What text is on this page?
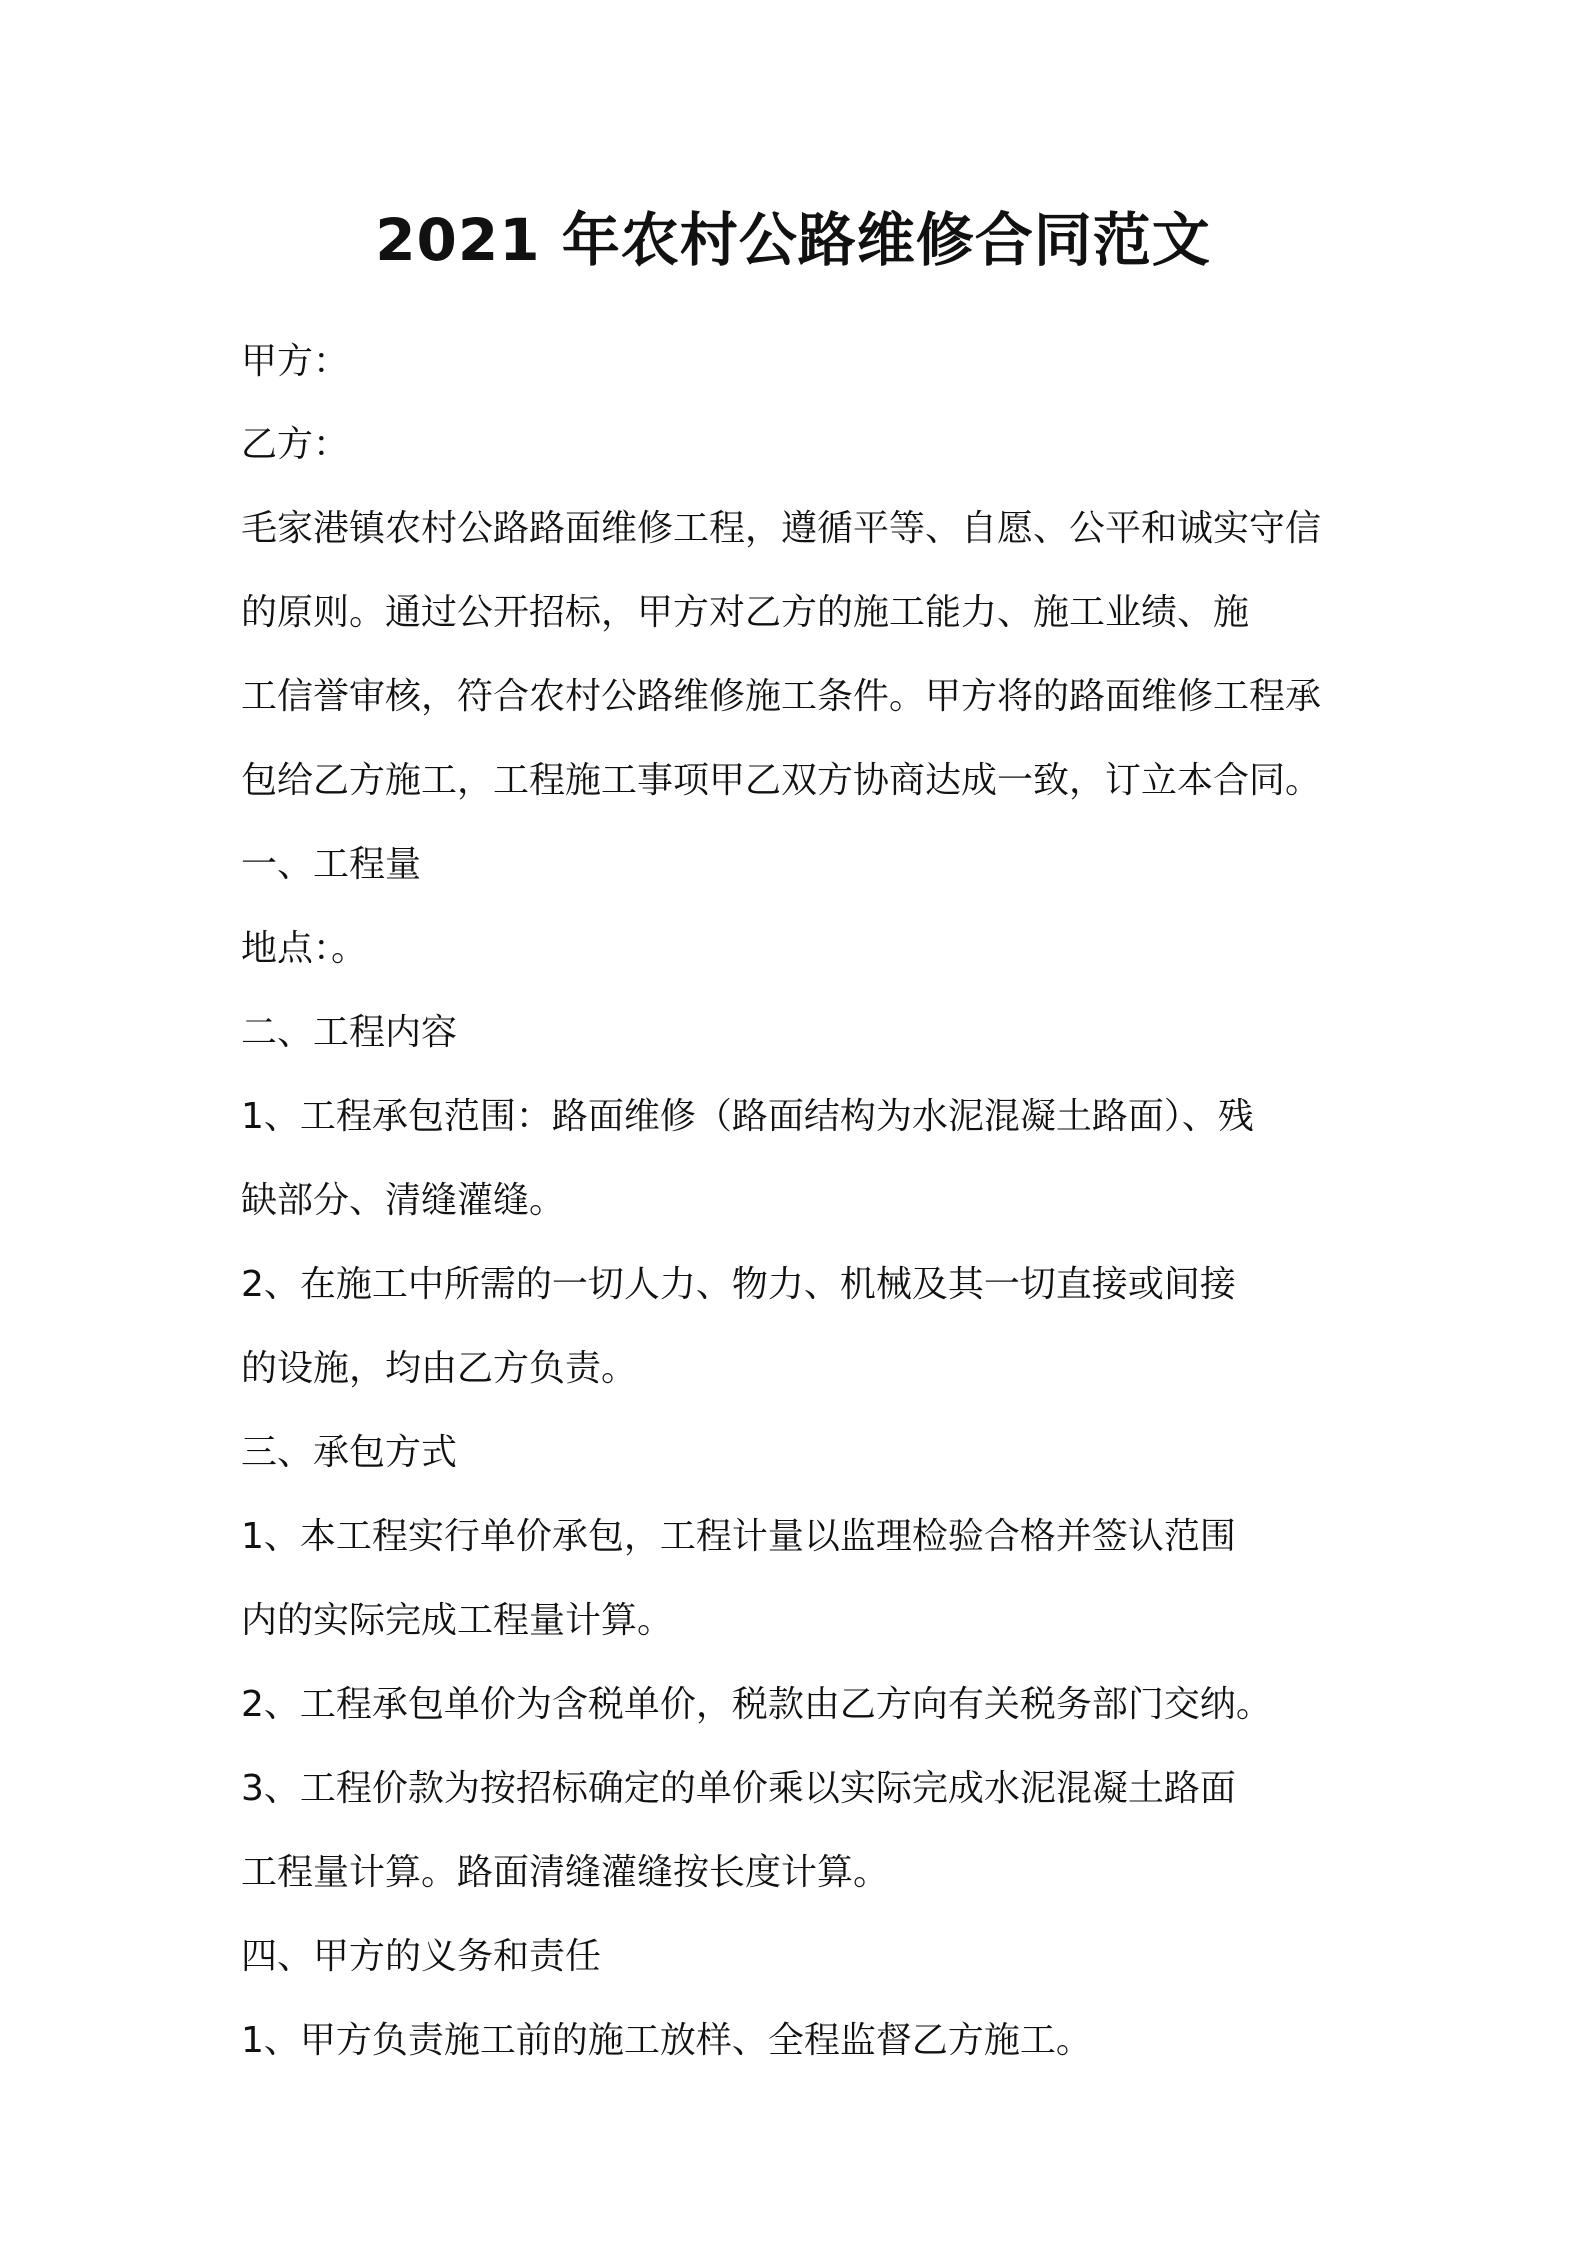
2021 年农村公路维修合同范文
甲方：
乙方：
毛家港镇农村公路路面维修工程，遵循平等、自愿、公平和诚实守信
的原则。通过公开招标，甲方对乙方的施工能力、施工业绩、施
工信誉审核，符合农村公路维修施工条件。甲方将的路面维修工程承
包给乙方施工，工程施工事项甲乙双方协商达成一致，订立本合同。
一、工程量
地点：。
二、工程内容
1、工程承包范围：路面维修（路面结构为水泥混凝土路面）、残
缺部分、清缝灌缝。
2、在施工中所需的一切人力、物力、机械及其一切直接或间接
的设施，均由乙方负责。
三、承包方式
1、本工程实行单价承包，工程计量以监理检验合格并签认范围
内的实际完成工程量计算。
2、工程承包单价为含税单价，税款由乙方向有关税务部门交纳。
3、工程价款为按招标确定的单价乘以实际完成水泥混凝土路面
工程量计算。路面清缝灌缝按长度计算。
四、甲方的义务和责任
1、甲方负责施工前的施工放样、全程监督乙方施工。
